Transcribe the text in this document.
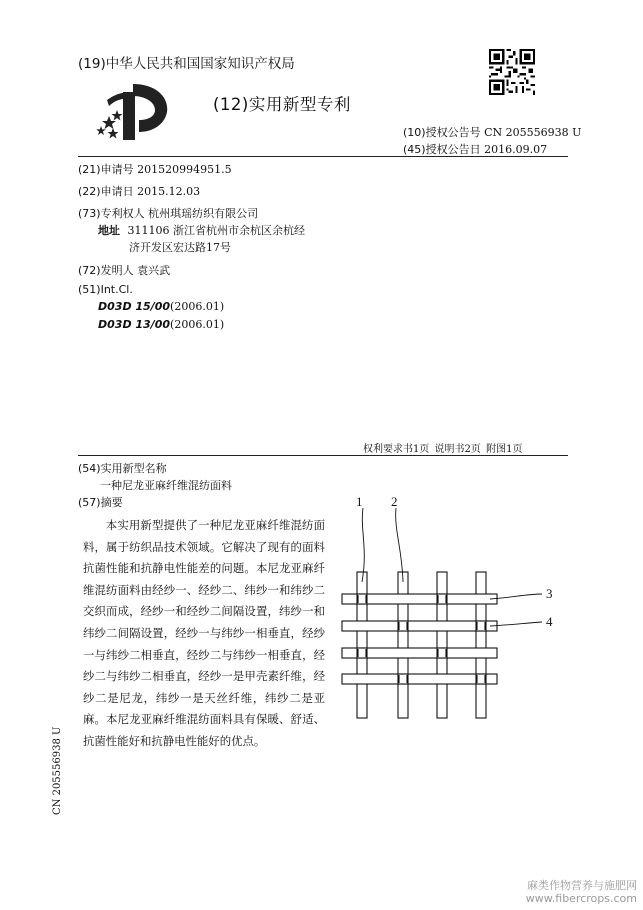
(19)中华人民共和国国家知识产权局
(12)实用新型专利
(10)授权公告号 CN 205556938 U
(45)授权公告日 2016.09.07
(21)申请号 201520994951.5
(22)申请日 2015.12.03
(73)专利权人 杭州琪瑶纺织有限公司
地址 311106 浙江省杭州市余杭区余杭经
济开发区宏达路17号
(72)发明人 袁兴武
(51)Int.Cl.
D03D 15/00(2006.01)
D03D 13/00(2006.01)
权利要求书1页 说明书2页 附图1页
(54)实用新型名称
一种尼龙亚麻纤维混纺面料
(57)摘要

本实用新型提供了一种尼龙亚麻纤维混纺面料，属于纺织品技术领域。它解决了现有的面料抗菌性能和抗静电性能差的问题。本尼龙亚麻纤维混纺面料由经纱一、经纱二、纬纱一和纬纱二交织而成，经纱一和经纱二间隔设置，纬纱一和纬纱二间隔设置，经纱一与纬纱一相垂直，经纱一与纬纱二相垂直，经纱二与纬纱一相垂直，经纱二与纬纱二相垂直，经纱一是甲壳素纤维，经纱二是尼龙，纬纱一是天丝纤维，纬纱二是亚麻。本尼龙亚麻纤维混纺面料具有保暖、舒适、抗菌性能好和抗静电性能好的优点。

1 2
3
4
CN 205556938 U
麻类作物营养与施肥网
www.fibercrops.com
